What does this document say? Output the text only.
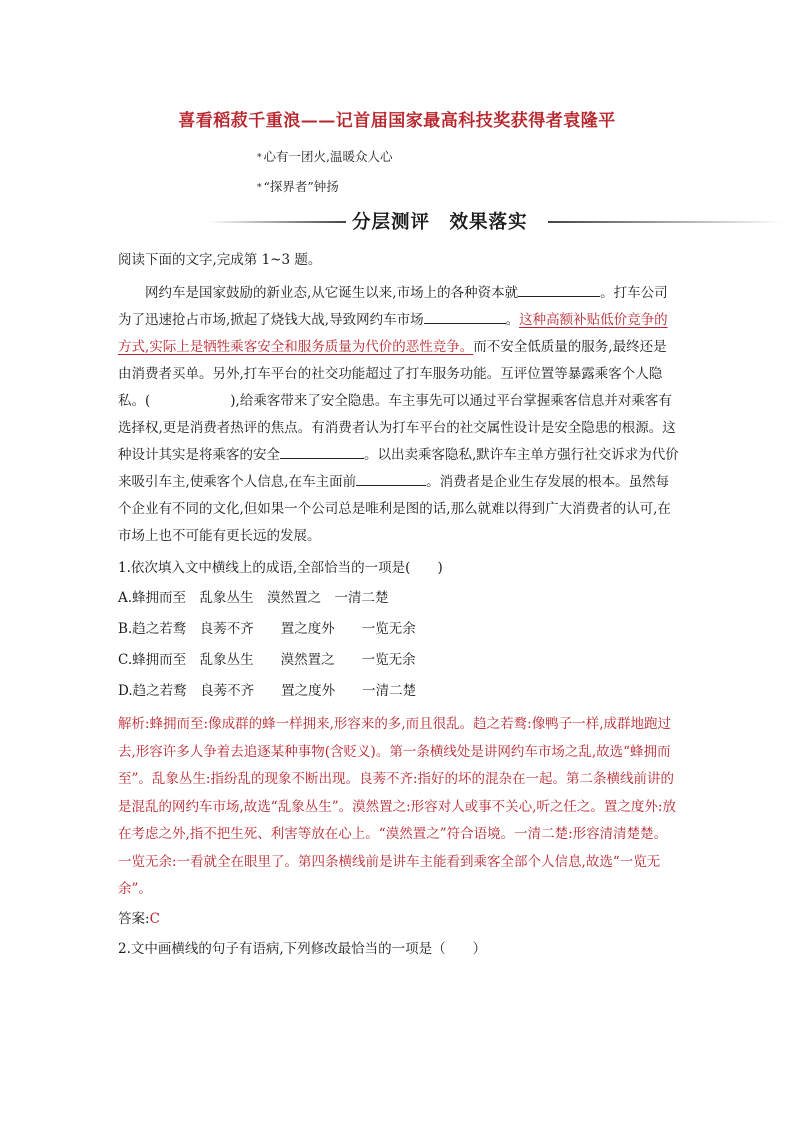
喜看稻菽千重浪——记首届国家最高科技奖获得者袁隆平
* 心有一团火,温暖众人心
* “探界者”钟扬
分层测评　效果落实

阅读下面的文字,完成第 1~3 题。

网约车是国家鼓励的新业态,从它诞生以来,市场上的各种资本就	。打车公司为了迅速抢占市场,掀起了烧钱大战,导致网约车市场	。这种高额补贴低价竞争的方式,实际上是牺牲乘客安全和服务质量为代价的恶性竞争。而不安全低质量的服务,最终还是由消费者买单。另外,打车平台的社交功能超过了打车服务功能。互评位置等暴露乘客个人隐私。(	),给乘客带来了安全隐患。车主事先可以通过平台掌握乘客信息并对乘客有选择权,更是消费者热评的焦点。有消费者认为打车平台的社交属性设计是安全隐患的根源。这种设计其实是将乘客的安全	。以出卖乘客隐私,默许车主单方强行社交诉求为代价来吸引车主,使乘客个人信息,在车主面前	。消费者是企业生存发展的根本。虽然每个企业有不同的文化,但如果一个公司总是唯利是图的话,那么就难以得到广大消费者的认可,在市场上也不可能有更长远的发展。

1.依次填入文中横线上的成语,全部恰当的一项是(　　)

A.蜂拥而至　乱象丛生　漠然置之　一清二楚

B.趋之若鹜　良莠不齐　　置之度外　　一览无余

C.蜂拥而至　乱象丛生　　漠然置之　　一览无余

D.趋之若鹜　良莠不齐　　置之度外　　一清二楚

解析:蜂拥而至:像成群的蜂一样拥来,形容来的多,而且很乱。趋之若鹜:像鸭子一样,成群地跑过去,形容许多人争着去追逐某种事物(含贬义)。第一条横线处是讲网约车市场之乱,故选“蜂拥而至”。乱象丛生:指纷乱的现象不断出现。良莠不齐:指好的坏的混杂在一起。第二条横线前讲的是混乱的网约车市场,故选“乱象丛生”。漠然置之:形容对人或事不关心,听之任之。置之度外:放在考虑之外,指不把生死、利害等放在心上。“漠然置之”符合语境。一清二楚:形容清清楚楚。一览无余:一看就全在眼里了。第四条横线前是讲车主能看到乘客全部个人信息,故选“一览无余”。

答案:C

2.文中画横线的句子有语病,下列修改最恰当的一项是（　　）
